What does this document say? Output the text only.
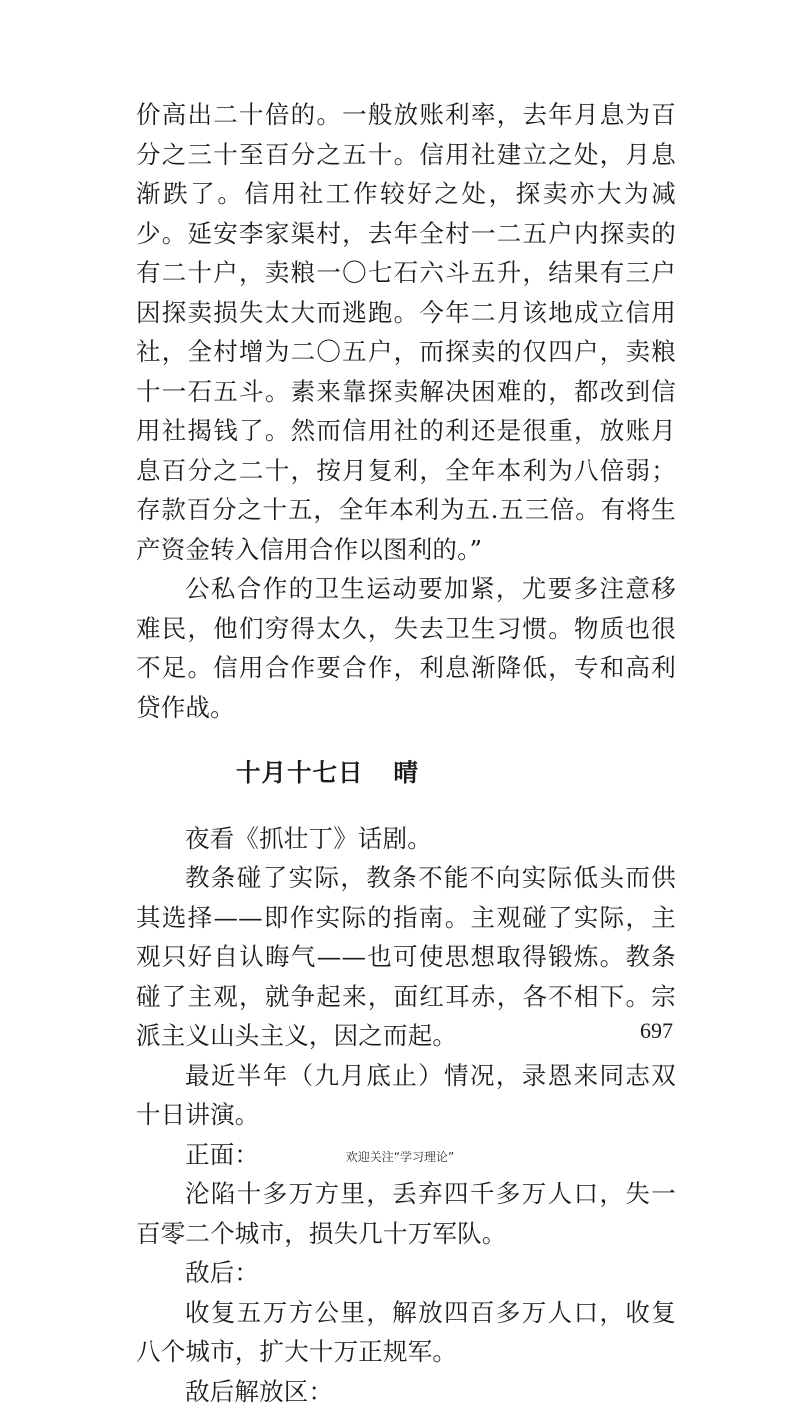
价高出二十倍的。一般放账利率，去年月息为百分之三十至百分之五十。信用社建立之处，月息渐跌了。信用社工作较好之处，探卖亦大为减少。延安李家渠村，去年全村一二五户内探卖的有二十户，卖粮一〇七石六斗五升，结果有三户因探卖损失太大而逃跑。今年二月该地成立信用社，全村增为二〇五户，而探卖的仅四户，卖粮十一石五斗。素来靠探卖解决困难的，都改到信用社揭钱了。然而信用社的利还是很重，放账月息百分之二十，按月复利，全年本利为八倍弱；存款百分之十五，全年本利为五.五三倍。有将生产资金转入信用合作以图利的。”

公私合作的卫生运动要加紧，尤要多注意移难民，他们穷得太久，失去卫生习惯。物质也很不足。信用合作要合作，利息渐降低，专和高利贷作战。

十月十七日 晴

夜看《抓壮丁》话剧。

教条碰了实际，教条不能不向实际低头而供其选择——即作实际的指南。主观碰了实际，主观只好自认晦气——也可使思想取得锻炼。教条碰了主观，就争起来，面红耳赤，各不相下。宗派主义山头主义，因之而起。

最近半年（九月底止）情况，录恩来同志双十日讲演。

正面：

沦陷十多万方里，丢弃四千多万人口，失一百零二个城市，损失几十万军队。

敌后：

收复五万方公里，解放四百多万人口，收复八个城市，扩大十万正规军。

敌后解放区：

697
欢迎关注“学习理论”
